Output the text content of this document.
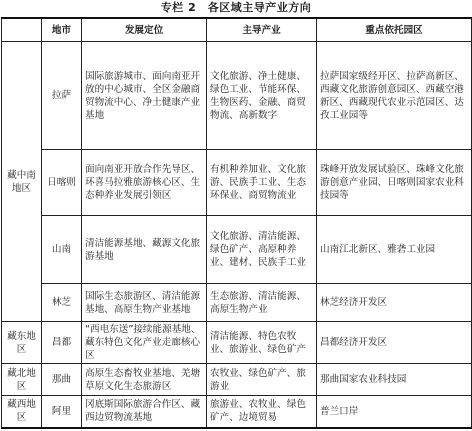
专栏 2　各区域主导产业方向
	地市	发展定位	主导产业	重点依托园区
藏中南地区	拉萨	国际旅游城市、面向南亚开放的中心城市、全区金融商贸物流中心、净土健康产业基地	文化旅游、净土健康、绿色工业、节能环保、生物医药、金融、商贸物流、高新数字	拉萨国家级经开区、拉萨高新区、西藏文化旅游创意园区、西藏空港新区、西藏现代农业示范园区、达孜工业园等
	日喀则	面向南亚开放合作先导区、环喜马拉雅旅游核心区、生态种养业发展引领区	有机种养加业、文化旅游、民族手工业、生态环保业、商贸物流业	珠峰开放发展试验区、珠峰文化旅游创意产业园、日喀则国家农业科技园等
	山南	清洁能源基地、藏源文化旅游基地	文化旅游、清洁能源、绿色矿产、高原种养业、建材、民族手工业	山南江北新区、雅砻工业园
	林芝	国际生态旅游区、清洁能源基地、高原生物产业基地	生态旅游、清洁能源、高原生物产业	林芝经济开发区
藏东地区	昌都	“西电东送”接续能源基地、藏东特色文化产业走廊核心区	清洁能源、特色农牧业、旅游业、绿色矿产	昌都经济开发区
藏北地区	那曲	高原生态畜牧业基地、羌塘草原文化生态旅游区	农牧业、绿色矿产、旅游业	那曲国家农业科技园
藏西地区	阿里	冈底斯国际旅游合作区、藏西边贸物流基地	旅游业、农牧业、绿色矿产、边境贸易	普兰口岸
